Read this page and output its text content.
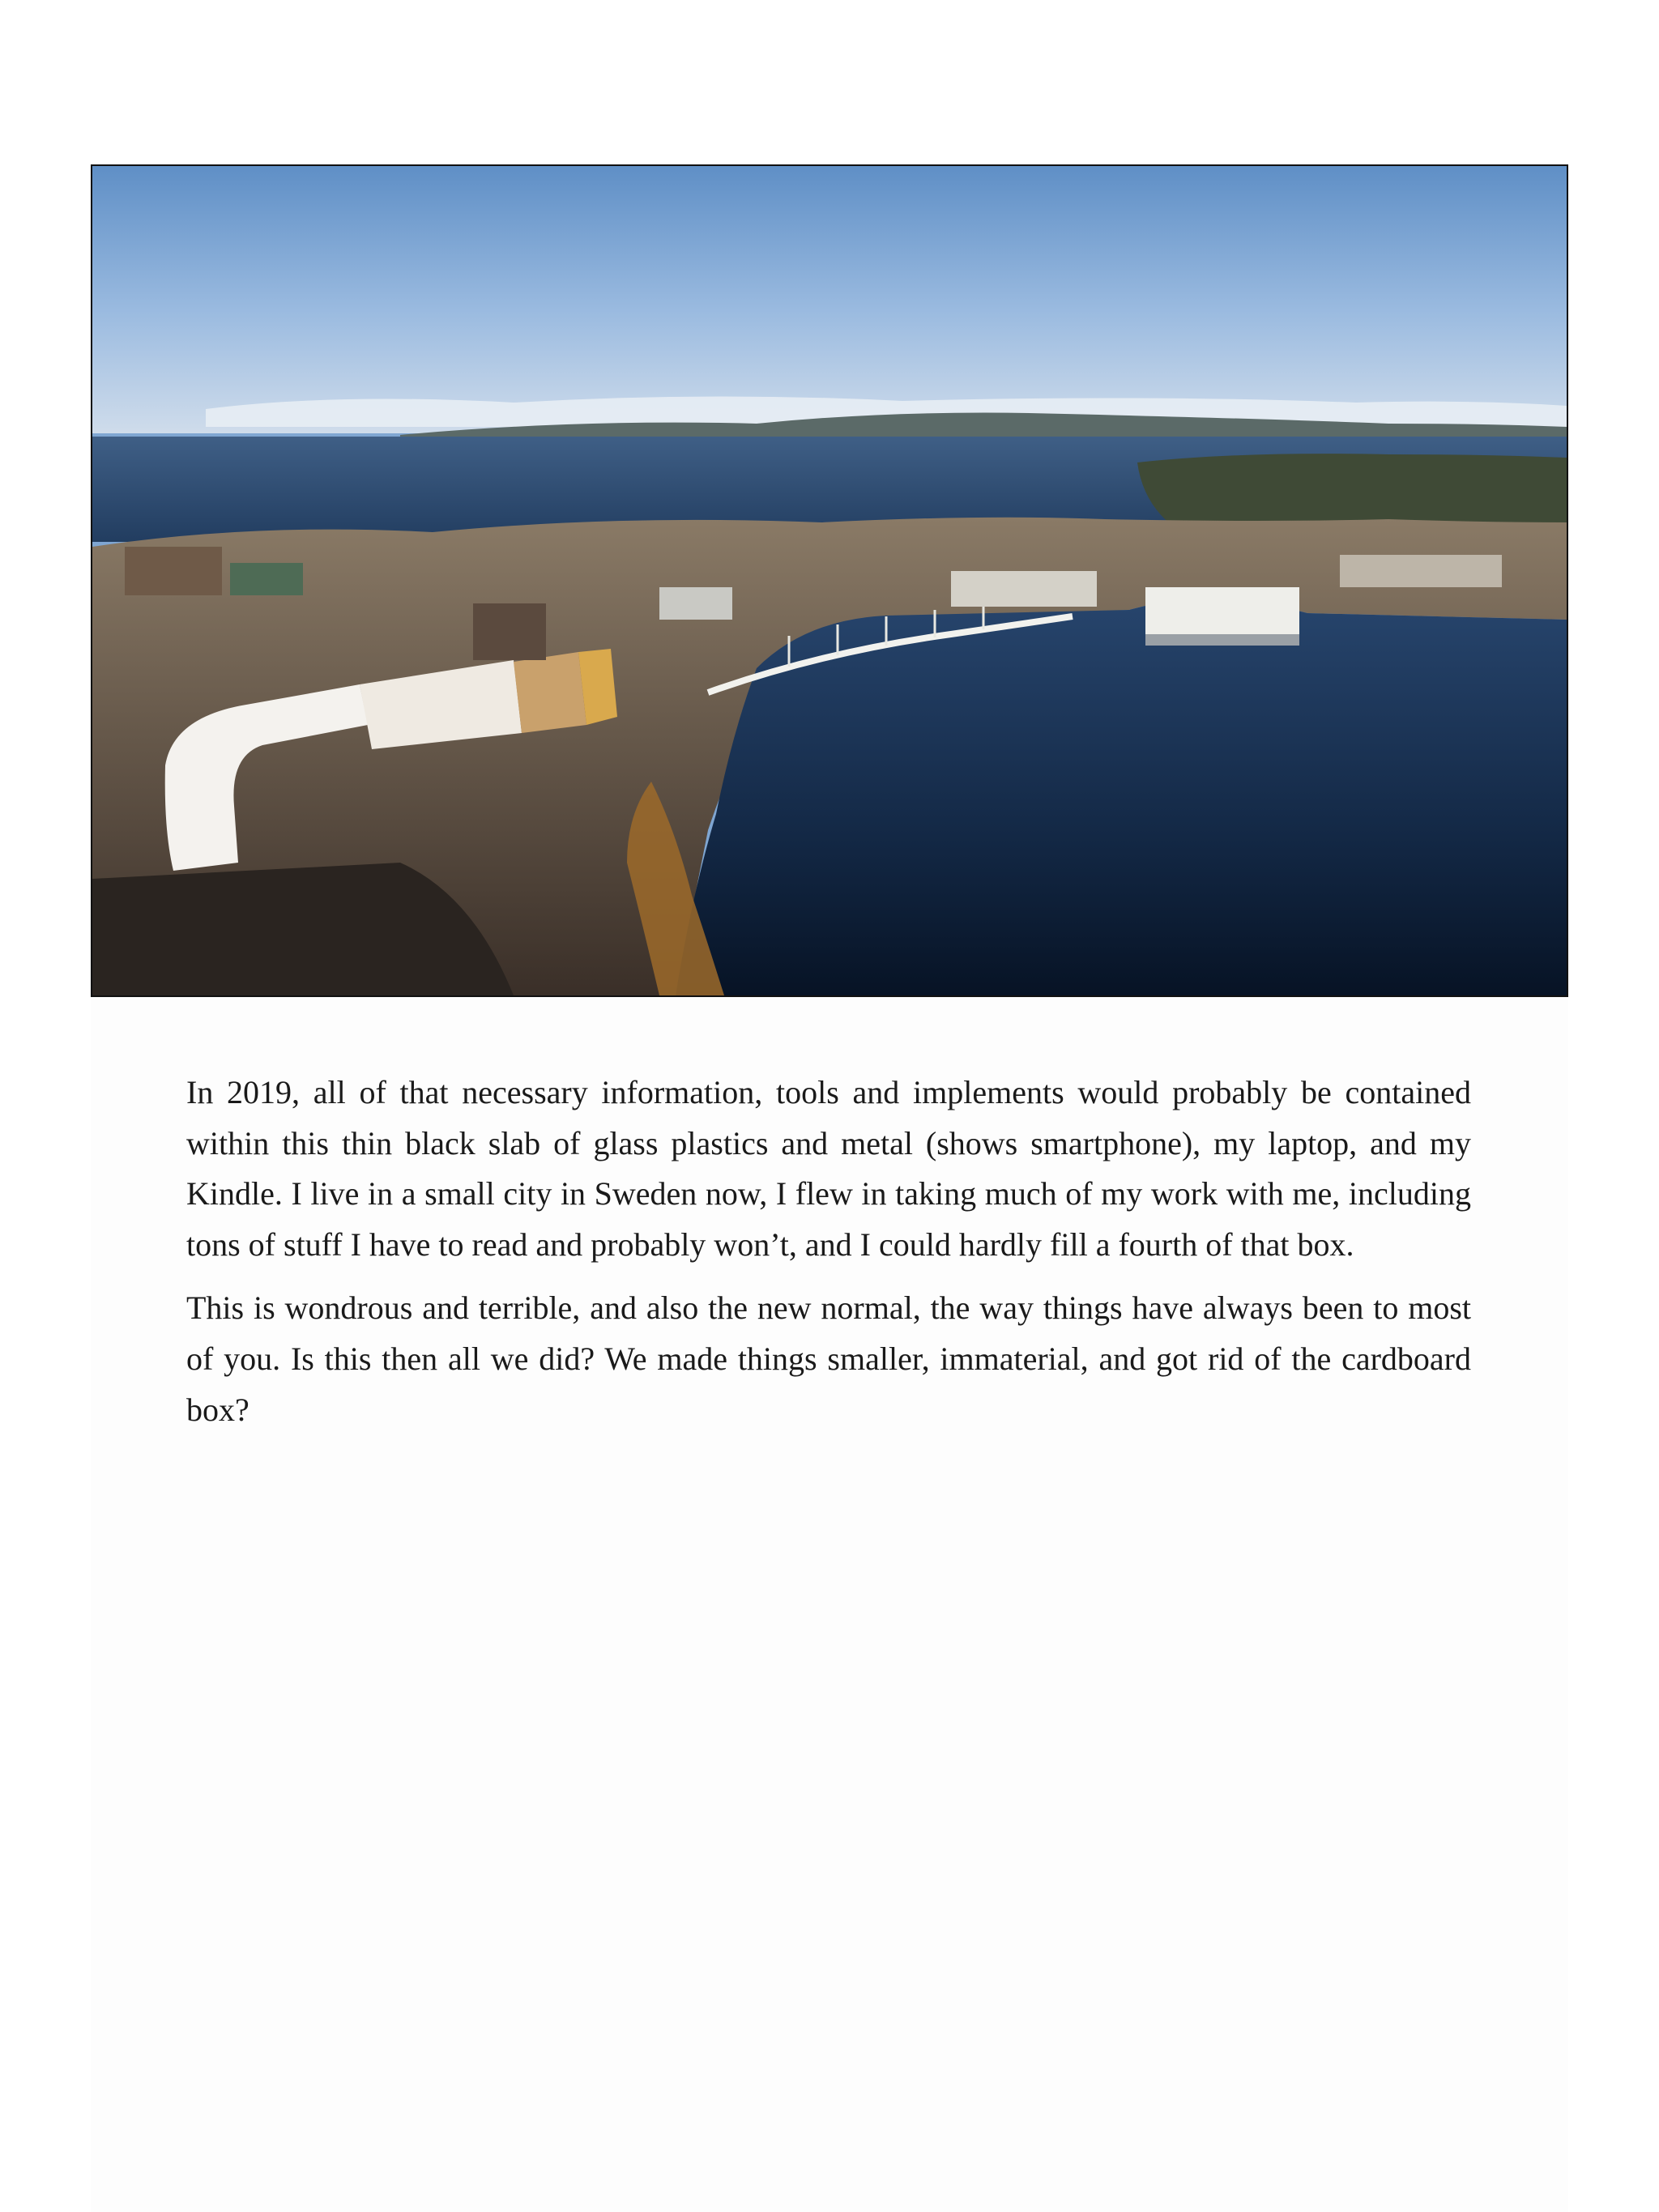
In 2019, all of that necessary information, tools and implements would probably be contained within this thin black slab of glass plastics and metal (shows smartphone), my laptop, and my Kindle. I live in a small city in Sweden now, I flew in taking much of my work with me, including tons of stuff I have to read and probably won’t, and I could hardly fill a fourth of that box.

This is wondrous and terrible, and also the new normal, the way things have always been to most of you. Is this then all we did? We made things smaller, immaterial, and got rid of the cardboard box?
